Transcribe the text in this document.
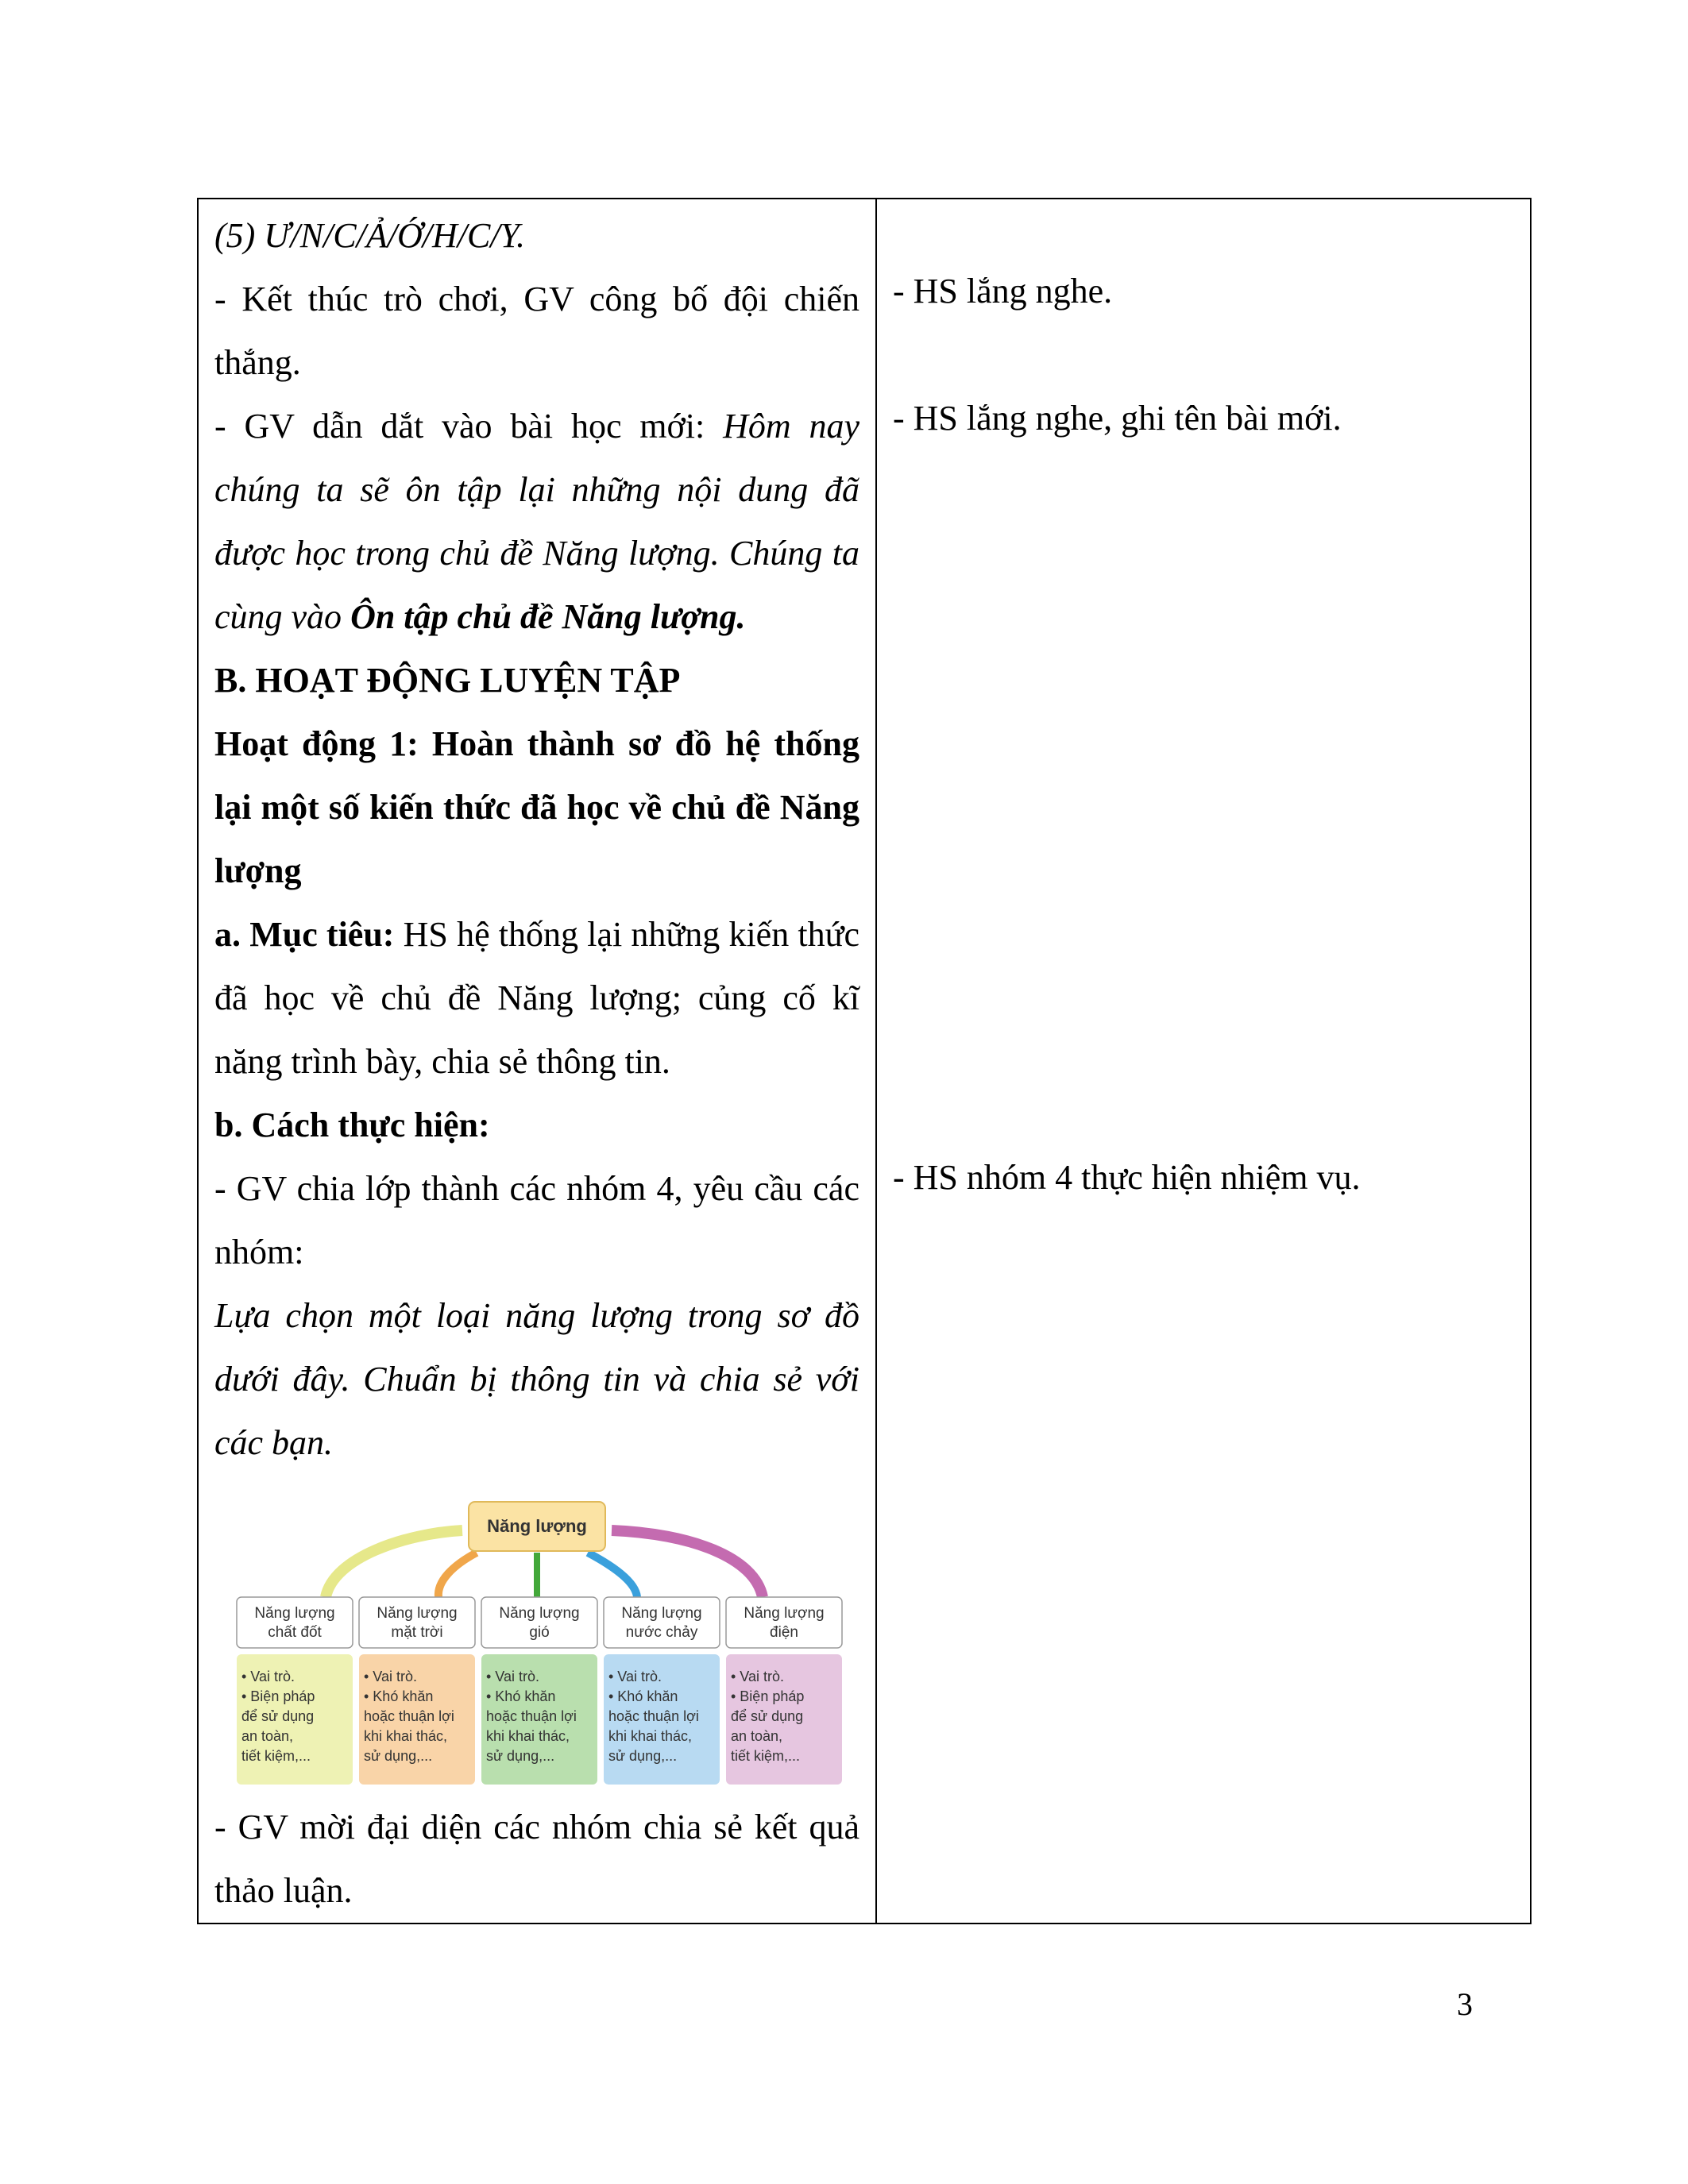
(5) Ư/N/C/Ả/Ớ/H/C/Y.

- Kết thúc trò chơi, GV công bố đội chiến

thắng.

- GV dẫn dắt vào bài học mới: Hôm nay chúng ta sẽ ôn tập lại những nội dung đã được học trong chủ đề Năng lượng. Chúng ta cùng vào Ôn tập chủ đề Năng lượng.

B. HOẠT ĐỘNG LUYỆN TẬP

Hoạt động 1: Hoàn thành sơ đồ hệ thống lại một số kiến thức đã học về chủ đề Năng lượng

a. Mục tiêu: HS hệ thống lại những kiến thức đã học về chủ đề Năng lượng; củng cố kĩ năng trình bày, chia sẻ thông tin.

b. Cách thực hiện:

- GV chia lớp thành các nhóm 4, yêu cầu các nhóm:

Lựa chọn một loại năng lượng trong sơ đồ dưới đây. Chuẩn bị thông tin và chia sẻ với các bạn.

Năng lượng
Năng lượng
chất đốt
• Vai trò.
• Biện pháp
để sử dụng
an toàn,
tiết kiệm,...
Năng lượng
mặt trời
• Vai trò.
• Khó khăn
hoặc thuận lợi
khi khai thác,
sử dụng,...
Năng lượng
gió
• Vai trò.
• Khó khăn
hoặc thuận lợi
khi khai thác,
sử dụng,...
Năng lượng
nước chảy
• Vai trò.
• Khó khăn
hoặc thuận lợi
khi khai thác,
sử dụng,...
Năng lượng
điện
• Vai trò.
• Biện pháp
để sử dụng
an toàn,
tiết kiệm,...

- GV mời đại diện các nhóm chia sẻ kết quả thảo luận.

- HS lắng nghe.

- HS lắng nghe, ghi tên bài mới.

- HS nhóm 4 thực hiện nhiệm vụ.

3
